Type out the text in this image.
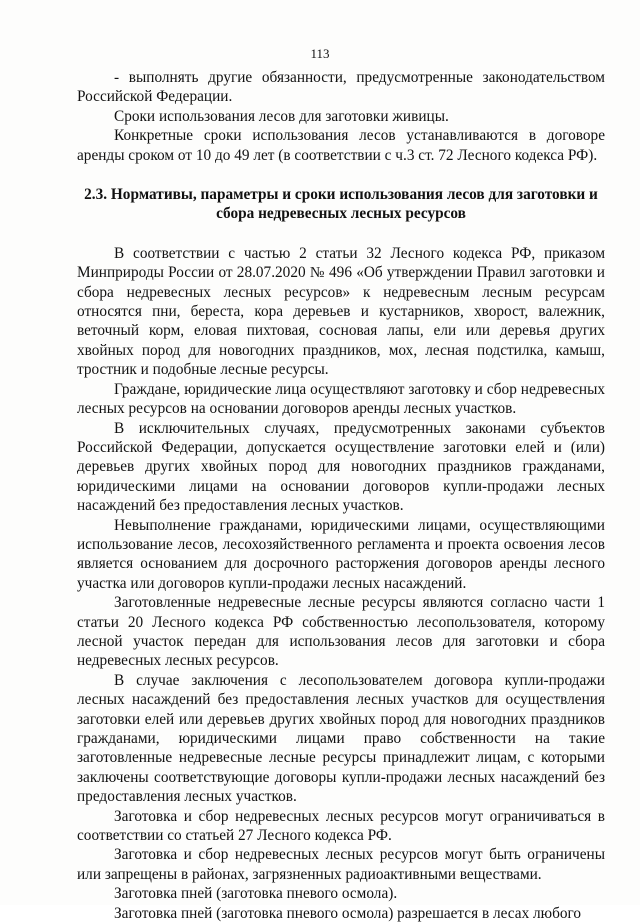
113

- выполнять другие обязанности, предусмотренные законодательством Российской Федерации.

Сроки использования лесов для заготовки живицы.

Конкретные сроки использования лесов устанавливаются в договоре аренды сроком от 10 до 49 лет (в соответствии с ч.3 ст. 72 Лесного кодекса РФ).

2.3. Нормативы, параметры и сроки использования лесов для заготовки и сбора недревесных лесных ресурсов

В соответствии с частью 2 статьи 32 Лесного кодекса РФ, приказом Минприроды России от 28.07.2020 № 496 «Об утверждении Правил заготовки и сбора недревесных лесных ресурсов» к недревесным лесным ресурсам относятся пни, береста, кора деревьев и кустарников, хворост, валежник, веточный корм, еловая пихтовая, сосновая лапы, ели или деревья других хвойных пород для новогодних праздников, мох, лесная подстилка, камыш, тростник и подобные лесные ресурсы.

Граждане, юридические лица осуществляют заготовку и сбор недревесных лесных ресурсов на основании договоров аренды лесных участков.

В исключительных случаях, предусмотренных законами субъектов Российской Федерации, допускается осуществление заготовки елей и (или) деревьев других хвойных пород для новогодних праздников гражданами, юридическими лицами на основании договоров купли-продажи лесных насаждений без предоставления лесных участков.

Невыполнение гражданами, юридическими лицами, осуществляющими использование лесов, лесохозяйственного регламента и проекта освоения лесов является основанием для досрочного расторжения договоров аренды лесного участка или договоров купли-продажи лесных насаждений.

Заготовленные недревесные лесные ресурсы являются согласно части 1 статьи 20 Лесного кодекса РФ собственностью лесопользователя, которому лесной участок передан для использования лесов для заготовки и сбора недревесных лесных ресурсов.

В случае заключения с лесопользователем договора купли-продажи лесных насаждений без предоставления лесных участков для осуществления заготовки елей или деревьев других хвойных пород для новогодних праздников гражданами, юридическими лицами право собственности на такие заготовленные недревесные лесные ресурсы принадлежит лицам, с которыми заключены соответствующие договоры купли-продажи лесных насаждений без предоставления лесных участков.

Заготовка и сбор недревесных лесных ресурсов могут ограничиваться в соответствии со статьей 27 Лесного кодекса РФ.

Заготовка и сбор недревесных лесных ресурсов могут быть ограничены или запрещены в районах, загрязненных радиоактивными веществами.

Заготовка пней (заготовка пневого осмола).

Заготовка пней (заготовка пневого осмола) разрешается в лесах любого
